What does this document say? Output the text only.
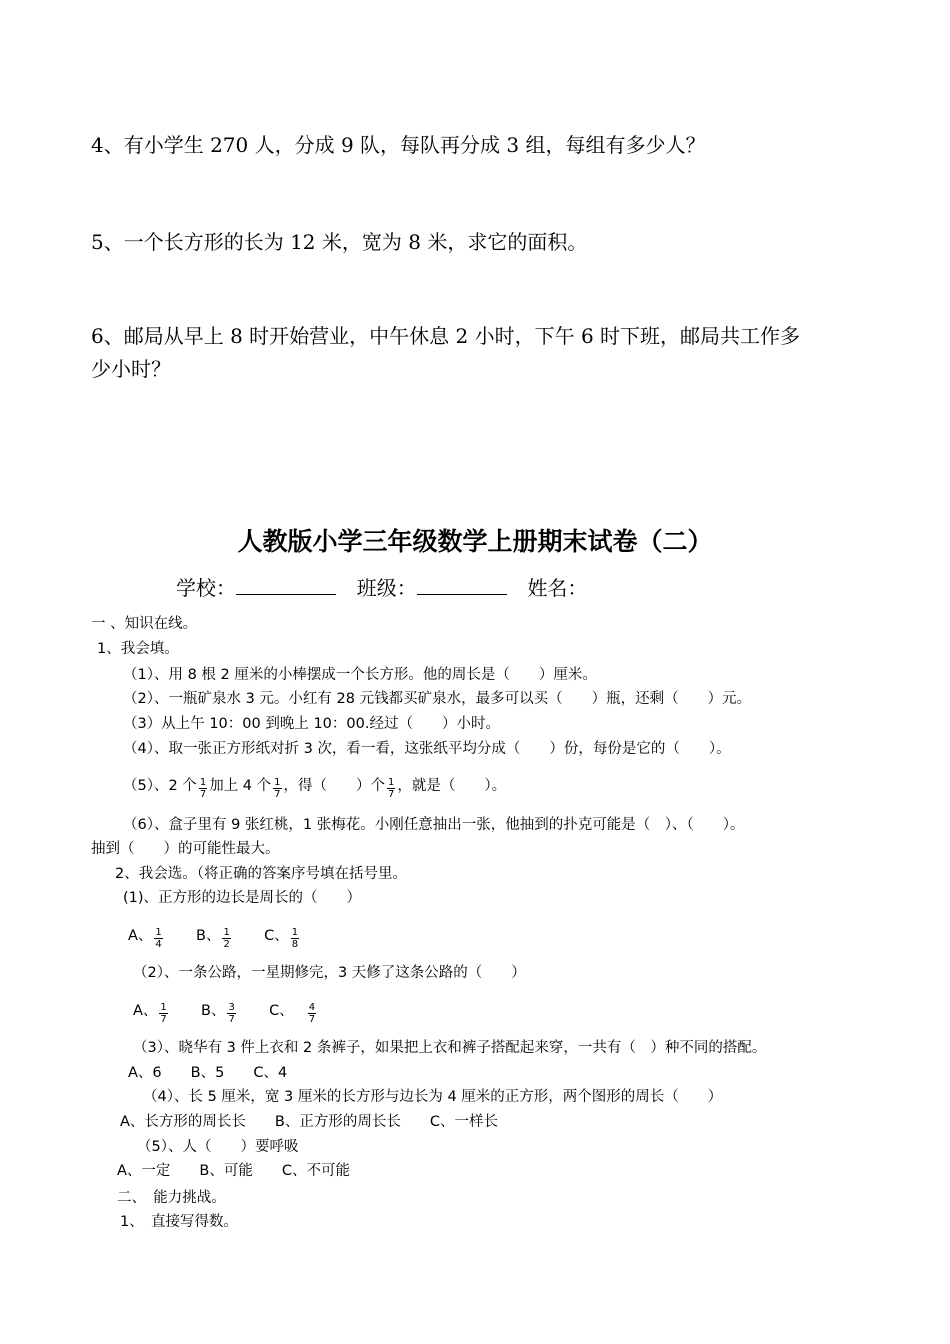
4、有小学生 270 人，分成 9 队，每队再分成 3 组，每组有多少人？
5、一个长方形的长为 12 米，宽为 8 米，求它的面积。
6、邮局从早上 8 时开始营业，中午休息 2 小时，下午 6 时下班，邮局共工作多
少小时？
人教版小学三年级数学上册期末试卷（二）
学校：	班级：	姓名：
一 、知识在线。
1、我会填。
（1）、用 8 根 2 厘米的小棒摆成一个长方形。他的周长是（　　）厘米。
（2）、一瓶矿泉水 3 元。小红有 28 元钱都买矿泉水，最多可以买（　　）瓶，还剩（　　）元。
（3）从上午 10：00 到晚上 10：00.经过（　　）小时。
（4）、取一张正方形纸对折 3 次，看一看，这张纸平均分成（　　）份，每份是它的（　　）。
（5）、2 个 $\frac{1}{7}$ 加上 4 个 $\frac{1}{7}$ ，得（　　）个 $\frac{1}{7}$ ，就是（　　）。
（6）、盒子里有 9 张红桃，1 张梅花。小刚任意抽出一张，他抽到的扑克可能是（　）、（　　）。
抽到（　　）的可能性最大。
2、我会选。（将正确的答案序号填在括号里。
(1)、正方形的边长是周长的（　　）
A、 $\frac{1}{4}$ B、 $\frac{1}{2}$ C、 $\frac{1}{8}$
（2）、一条公路，一星期修完，3 天修了这条公路的（　　）
A、 $\frac{1}{7}$ B、 $\frac{3}{7}$ C、 $\frac{4}{7}$
（3）、晓华有 3 件上衣和 2 条裤子，如果把上衣和裤子搭配起来穿，一共有（　）种不同的搭配。
A、6　　B、5　　C、4
（4）、长 5 厘米，宽 3 厘米的长方形与边长为 4 厘米的正方形，两个图形的周长（　　）
A、长方形的周长长　　B、正方形的周长长　　C、一样长
（5）、人（　　）要呼吸
A、一定　　B、可能　　C、不可能
二、　能力挑战。
1、　直接写得数。
